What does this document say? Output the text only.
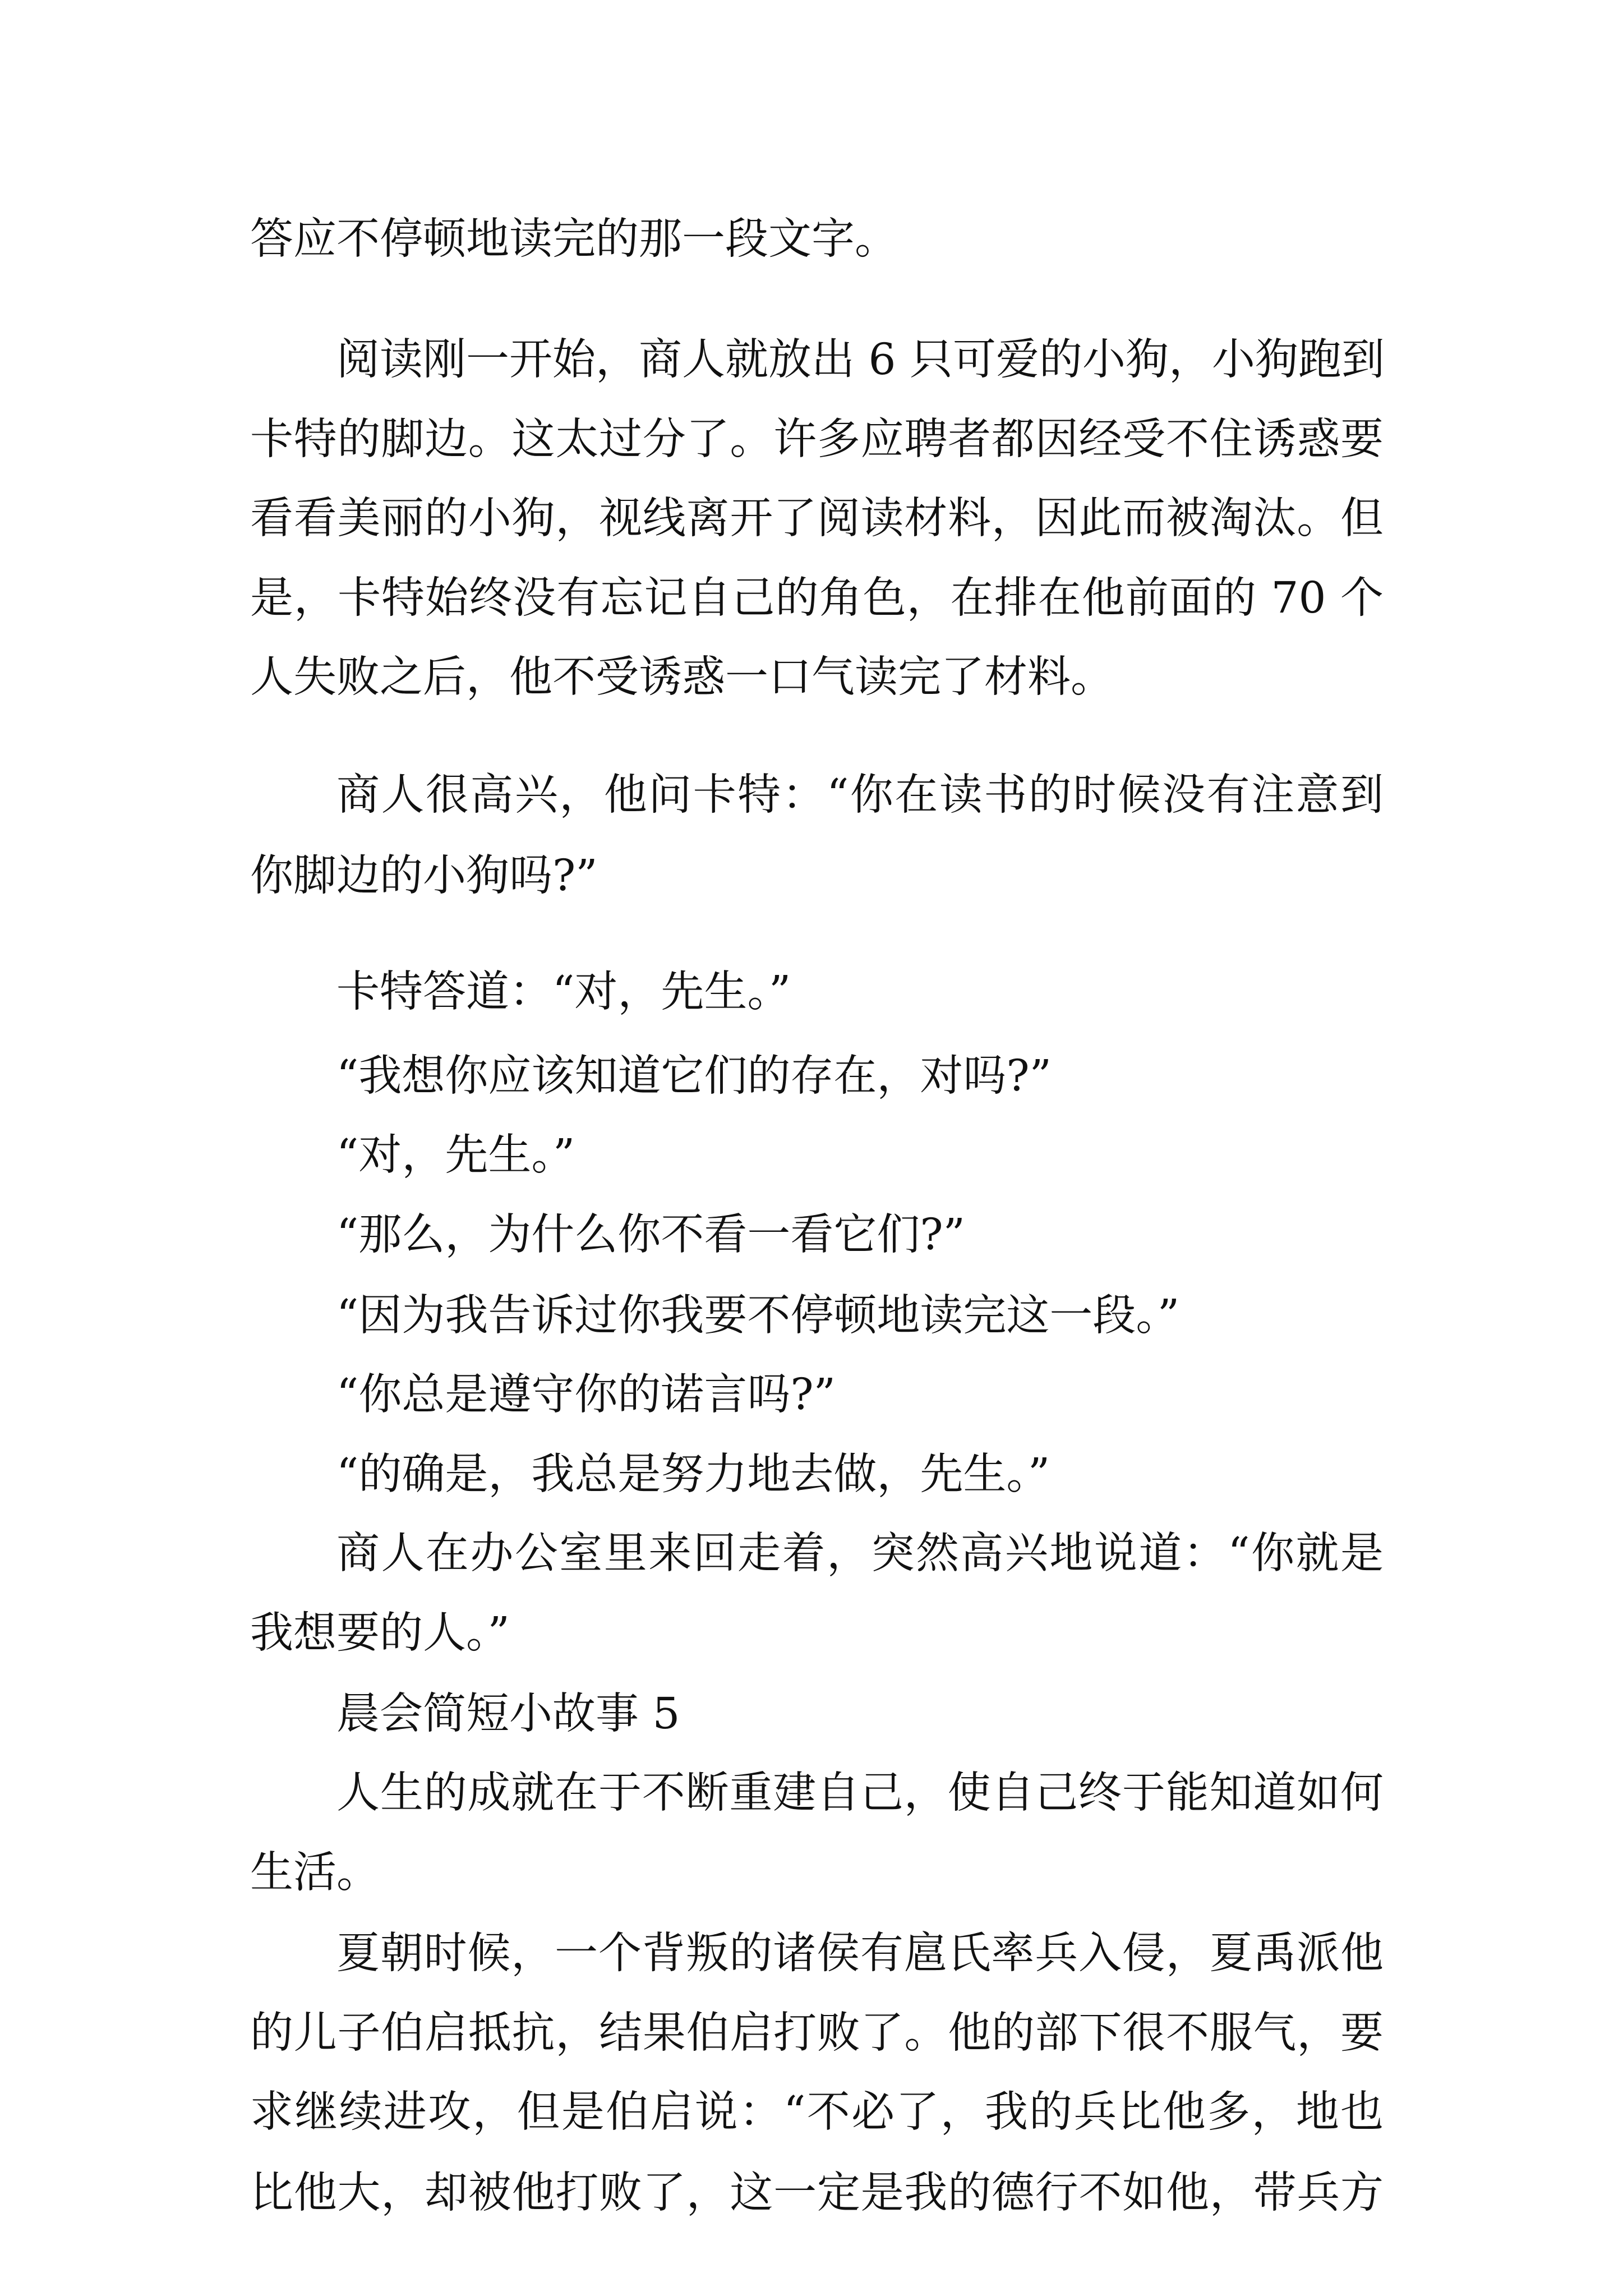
答应不停顿地读完的那一段文字。
阅读刚一开始，商人就放出 6 只可爱的小狗，小狗跑到
卡特的脚边。这太过分了。许多应聘者都因经受不住诱惑要
看看美丽的小狗，视线离开了阅读材料，因此而被淘汰。但
是，卡特始终没有忘记自己的角色，在排在他前面的 70 个
人失败之后，他不受诱惑一口气读完了材料。
商人很高兴，他问卡特：“你在读书的时候没有注意到
你脚边的小狗吗?”
卡特答道：“对，先生。”
“我想你应该知道它们的存在，对吗?”
“对，先生。”
“那么，为什么你不看一看它们?”
“因为我告诉过你我要不停顿地读完这一段。”
“你总是遵守你的诺言吗?”
“的确是，我总是努力地去做，先生。”
商人在办公室里来回走着，突然高兴地说道：“你就是
我想要的人。”
晨会简短小故事 5
人生的成就在于不断重建自己，使自己终于能知道如何
生活。
夏朝时候，一个背叛的诸侯有扈氏率兵入侵，夏禹派他
的儿子伯启抵抗，结果伯启打败了。他的部下很不服气，要
求继续进攻，但是伯启说：“不必了，我的兵比他多，地也
比他大，却被他打败了，这一定是我的德行不如他，带兵方
